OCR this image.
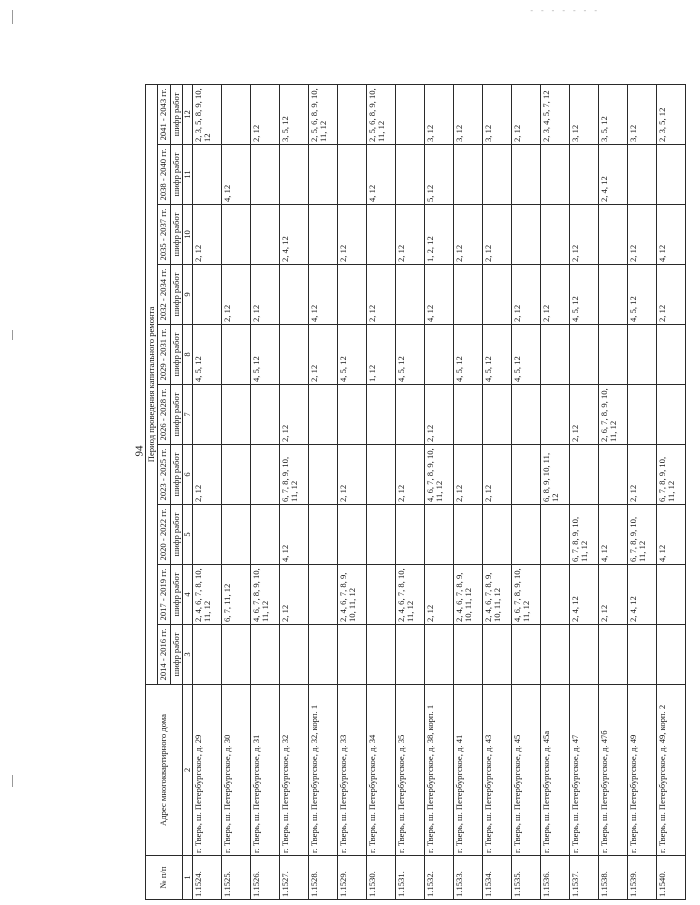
- - - - - - -
94
№ п/п	Адрес многоквартирного дома	Период проведения капитального ремонта									
		2014 - 2016 гг.	2017 - 2019 гг.	2020 - 2022 гг.	2023 - 2025 гг.	2026 - 2028 гг.	2029 - 2031 гг.	2032 - 2034 гг.	2035 - 2037 гг.	2038 - 2040 гг.	2041 - 2043 гг.
		шифр работ	шифр работ	шифр работ	шифр работ	шифр работ	шифр работ	шифр работ	шифр работ	шифр работ	шифр работ
1	2	3	4	5	6	7	8	9	10	11	12
1.1524.	г. Тверь, ш. Петербургское, д. 29		2, 4, 6, 7, 8, 10, 11, 12		2, 12		4, 5, 12		2, 12		2, 3, 5, 8, 9, 10, 12
1.1525.	г. Тверь, ш. Петербургское, д. 30		6, 7, 11, 12					2, 12		4, 12	
1.1526.	г. Тверь, ш. Петербургское, д. 31		4, 6, 7, 8, 9, 10, 11, 12				4, 5, 12	2, 12			2, 12
1.1527.	г. Тверь, ш. Петербургское, д. 32		2, 12	4, 12	6, 7, 8, 9, 10, 11, 12	2, 12			2, 4, 12		3, 5, 12
1.1528.	г. Тверь, ш. Петербургское, д. 32, корп. 1						2, 12	4, 12			2, 5, 6, 8, 9, 10, 11, 12
1.1529.	г. Тверь, ш. Петербургское, д. 33		2, 4, 6, 7, 8, 9, 10, 11, 12		2, 12		4, 5, 12		2, 12		
1.1530.	г. Тверь, ш. Петербургское, д. 34						1, 12	2, 12		4, 12	2, 5, 6, 8, 9, 10, 11, 12
1.1531.	г. Тверь, ш. Петербургское, д. 35		2, 4, 6, 7, 8, 10, 11, 12		2, 12		4, 5, 12		2, 12		
1.1532.	г. Тверь, ш. Петербургское, д. 38, корп. 1		2, 12		4, 6, 7, 8, 9, 10, 11, 12	2, 12		4, 12	1, 2, 12	5, 12	3, 12
1.1533.	г. Тверь, ш. Петербургское, д. 41		2, 4, 6, 7, 8, 9, 10, 11, 12		2, 12		4, 5, 12		2, 12		3, 12
1.1534.	г. Тверь, ш. Петербургское, д. 43		2, 4, 6, 7, 8, 9, 10, 11, 12		2, 12		4, 5, 12		2, 12		3, 12
1.1535.	г. Тверь, ш. Петербургское, д. 45		4, 6, 7, 8, 9, 10, 11, 12				4, 5, 12	2, 12			2, 12
1.1536.	г. Тверь, ш. Петербургское, д. 45а				6, 8, 9, 10, 11, 12			2, 12			2, 3, 4, 5, 7, 12
1.1537.	г. Тверь, ш. Петербургское, д. 47		2, 4, 12	6, 7, 8, 9, 10, 11, 12		2, 12		4, 5, 12	2, 12		3, 12
1.1538.	г. Тверь, ш. Петербургское, д. 47б		2, 12	4, 12		2, 6, 7, 8, 9, 10, 11, 12				2, 4, 12	3, 5, 12
1.1539.	г. Тверь, ш. Петербургское, д. 49		2, 4, 12	6, 7, 8, 9, 10, 11, 12	2, 12			4, 5, 12	2, 12		3, 12
1.1540.	г. Тверь, ш. Петербургское, д. 49, корп. 2			4, 12	6, 7, 8, 9, 10, 11, 12			2, 12	4, 12		2, 3, 5, 12
